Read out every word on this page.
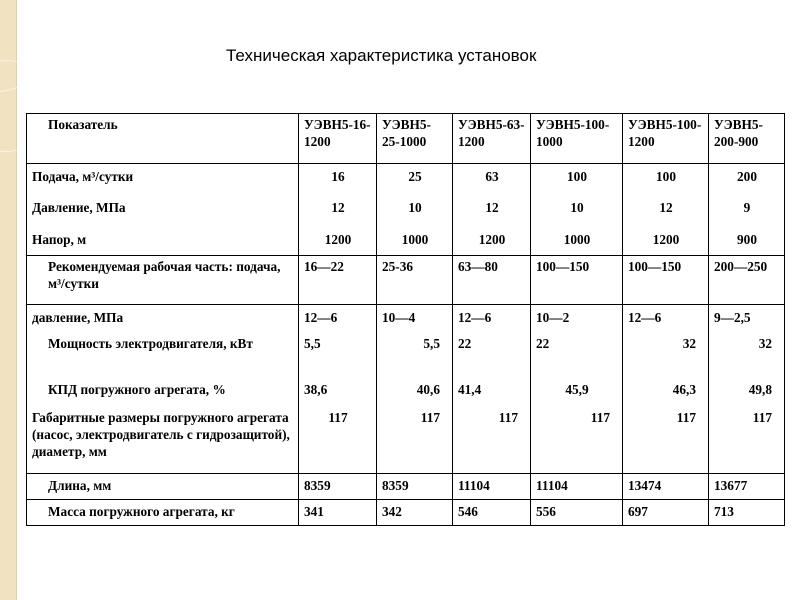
Техническая характеристика установок
Показатель	УЭВН5-16-1200	УЭВН5-25-1000	УЭВН5-63-1200	УЭВН5-100-1000	УЭВН5-100-1200	УЭВН5-200-900
Подача, м³/сутки	16	25	63	100	100	200
Давление, МПа	12	10	12	10	12	9
Напор, м	1200	1000	1200	1000	1200	900
Рекомендуемая рабочая часть: подача, м³/сутки	16—22	25-36	63—80	100—150	100—150	200—250
давление, МПа	12—6	10—4	12—6	10—2	12—6	9—2,5
Мощность электродвигателя, кВт	5,5	5,5	22	22	32	32
КПД погружного агрегата, %	38,6	40,6	41,4	45,9	46,3	49,8
Габаритные размеры погружного агрегата (насос, электродвигатель с гидрозащитой), диаметр, мм	117	117	117	117	117	117
Длина, мм	8359	8359	11104	11104	13474	13677
Масса погружного агрегата, кг	341	342	546	556	697	713
